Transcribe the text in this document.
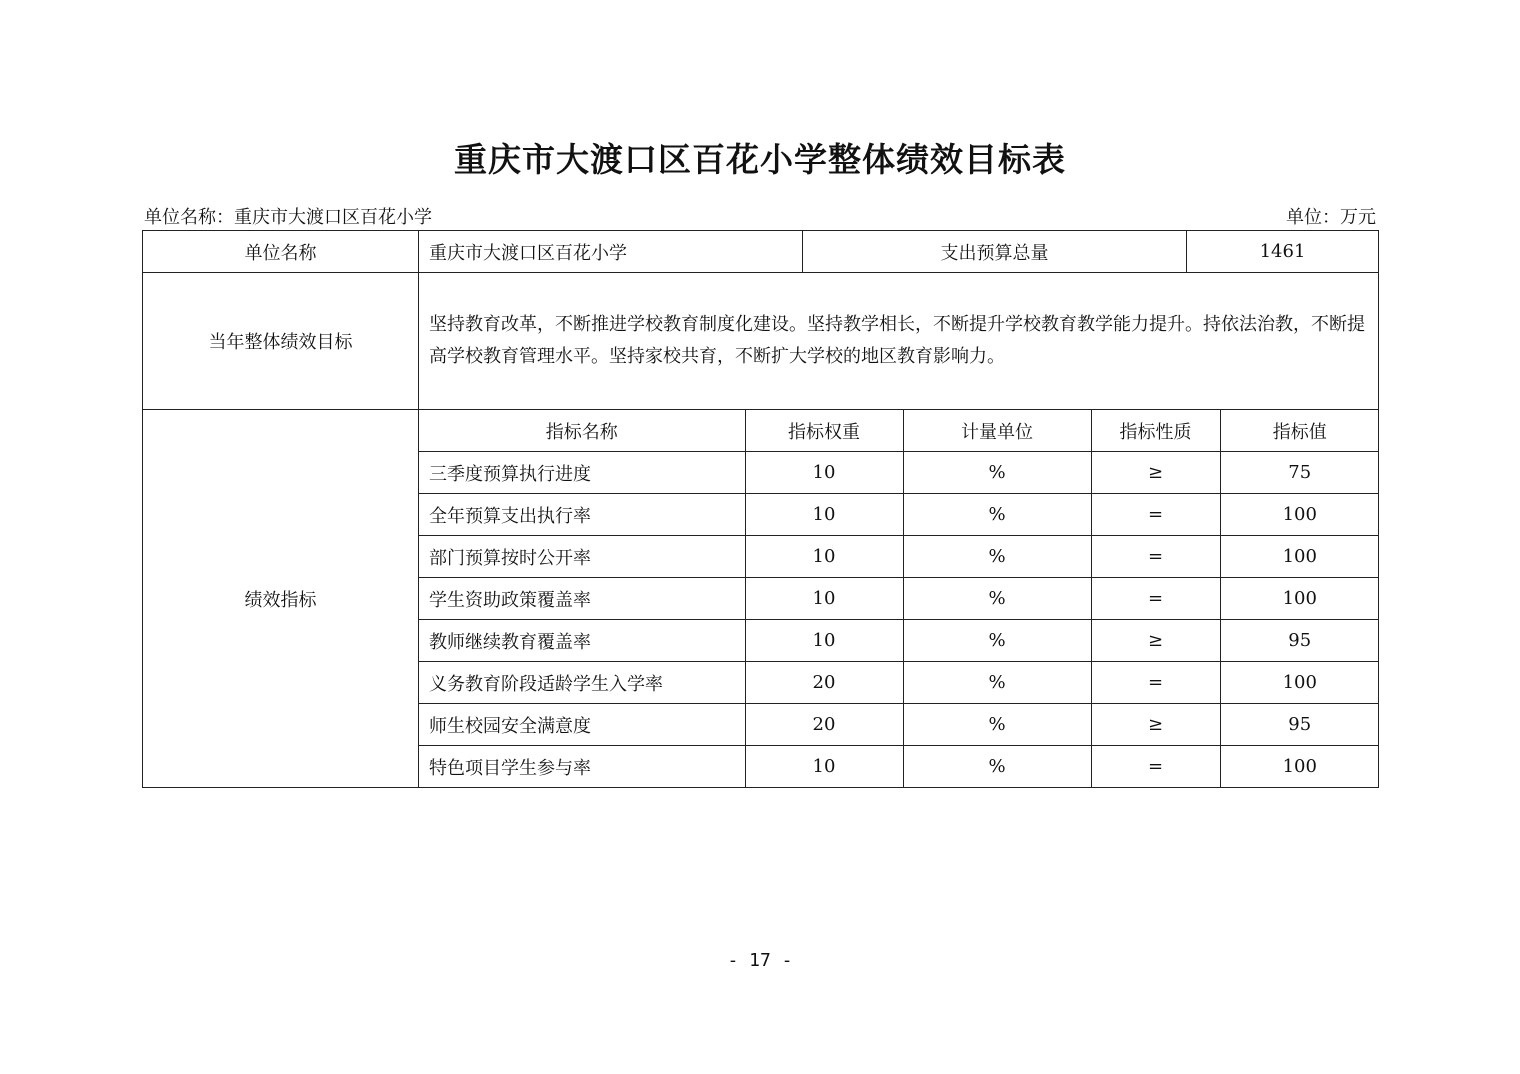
重庆市大渡口区百花小学整体绩效目标表
单位名称：重庆市大渡口区百花小学	单位：万元
单位名称	重庆市大渡口区百花小学	支出预算总量	1461
当年整体绩效目标	坚持教育改革，不断推进学校教育制度化建设。坚持教学相长，不断提升学校教育教学能力提升。持依法治教，不断提高学校教育管理水平。坚持家校共育，不断扩大学校的地区教育影响力。
绩效指标	
指标名称	指标权重	计量单位	指标性质	指标值
三季度预算执行进度	10	%	≥	75
全年预算支出执行率	10	%	=	100
部门预算按时公开率	10	%	=	100
学生资助政策覆盖率	10	%	=	100
教师继续教育覆盖率	10	%	≥	95
义务教育阶段适龄学生入学率	20	%	=	100
师生校园安全满意度	20	%	≥	95
特色项目学生参与率	10	%	=	100
- 17 -
